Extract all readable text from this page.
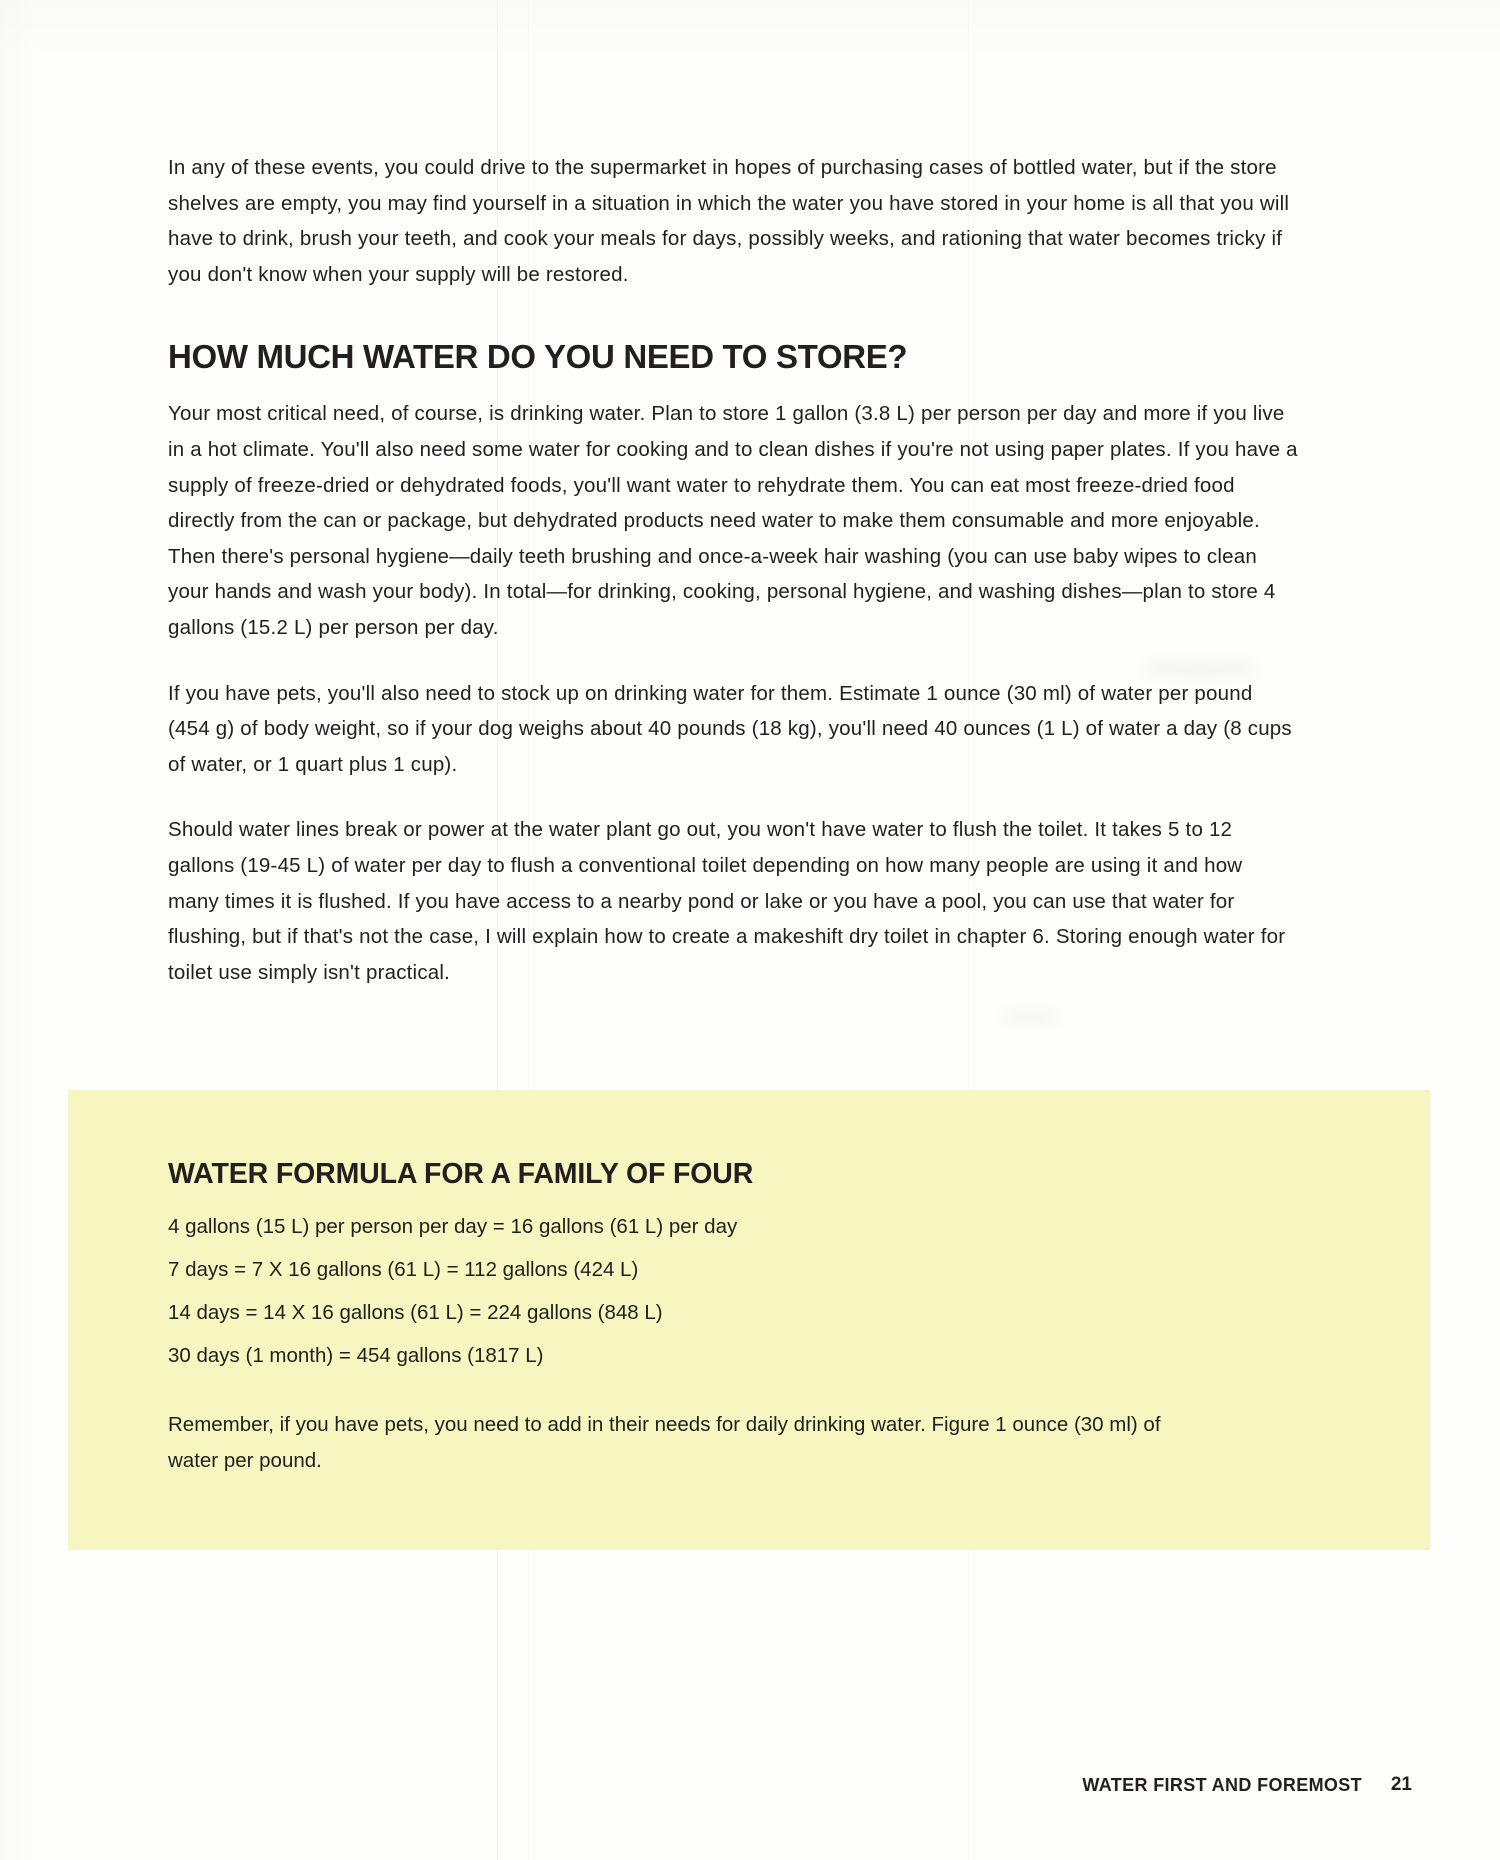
In any of these events, you could drive to the supermarket in hopes of purchasing cases of bottled water, but if the store shelves are empty, you may find yourself in a situation in which the water you have stored in your home is all that you will have to drink, brush your teeth, and cook your meals for days, possibly weeks, and rationing that water becomes tricky if you don't know when your supply will be restored.

HOW MUCH WATER DO YOU NEED TO STORE?

Your most critical need, of course, is drinking water. Plan to store 1 gallon (3.8 L) per person per day and more if you live in a hot climate. You'll also need some water for cooking and to clean dishes if you're not using paper plates. If you have a supply of freeze-dried or dehydrated foods, you'll want water to rehydrate them. You can eat most freeze-dried food directly from the can or package, but dehydrated products need water to make them consumable and more enjoyable. Then there's personal hygiene—daily teeth brushing and once-a-week hair washing (you can use baby wipes to clean your hands and wash your body). In total—for drinking, cooking, personal hygiene, and washing dishes—plan to store 4 gallons (15.2 L) per person per day.

If you have pets, you'll also need to stock up on drinking water for them. Estimate 1 ounce (30 ml) of water per pound (454 g) of body weight, so if your dog weighs about 40 pounds (18 kg), you'll need 40 ounces (1 L) of water a day (8 cups of water, or 1 quart plus 1 cup).

Should water lines break or power at the water plant go out, you won't have water to flush the toilet. It takes 5 to 12 gallons (19-45 L) of water per day to flush a conventional toilet depending on how many people are using it and how many times it is flushed. If you have access to a nearby pond or lake or you have a pool, you can use that water for flushing, but if that's not the case, I will explain how to create a makeshift dry toilet in chapter 6. Storing enough water for toilet use simply isn't practical.

WATER FORMULA FOR A FAMILY OF FOUR
4 gallons (15 L) per person per day = 16 gallons (61 L) per day
7 days = 7 X 16 gallons (61 L) = 112 gallons (424 L)
14 days = 14 X 16 gallons (61 L) = 224 gallons (848 L)
30 days (1 month) = 454 gallons (1817 L)
Remember, if you have pets, you need to add in their needs for daily drinking water. Figure 1 ounce (30 ml) of water per pound.
WATER FIRST AND FOREMOST 21
